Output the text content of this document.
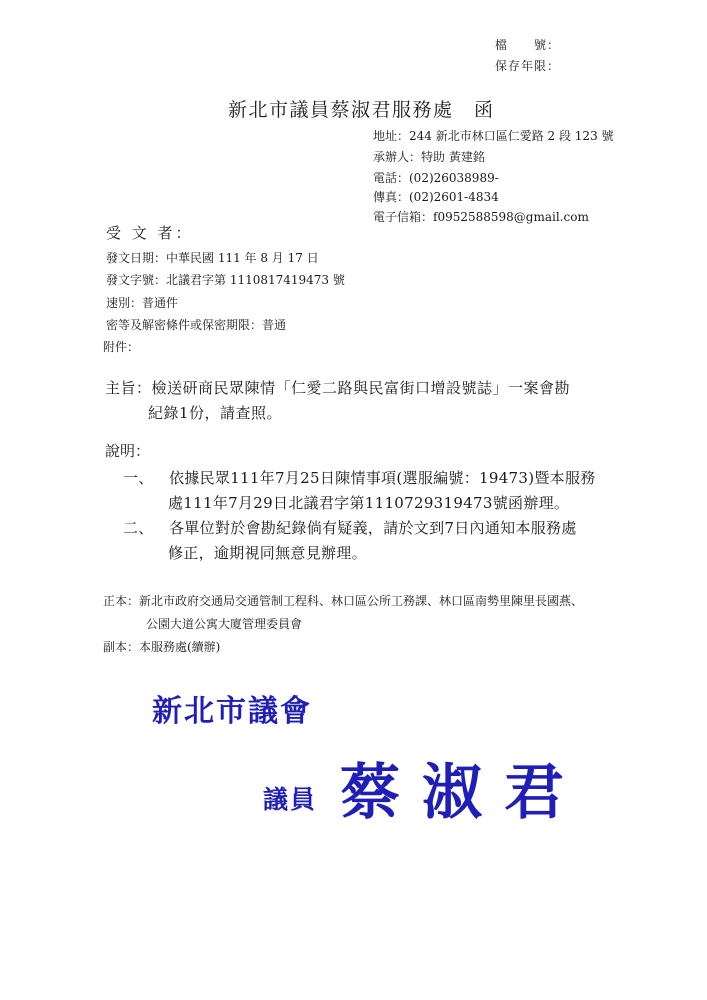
檔　　號：
保存年限：
新北市議員蔡淑君服務處　函
地址：244 新北市林口區仁愛路 2 段 123 號
承辦人：特助 黃建銘
電話：(02)26038989-
傳真：(02)2601-4834
電子信箱：f0952588598@gmail.com
受 文 者：
發文日期：中華民國 111 年 8 月 17 日
發文字號：北議君字第 1110817419473 號
速別：普通件
密等及解密條件或保密期限：普通
附件：
主旨：檢送研商民眾陳情「仁愛二路與民富街口增設號誌」一案會勘
紀錄1份，請查照。
說明：
一、 依據民眾111年7月25日陳情事項(選服編號：19473)暨本服務
處111年7月29日北議君字第1110729319473號函辦理。
二、 各單位對於會勘紀錄倘有疑義，請於文到7日內通知本服務處
修正，逾期視同無意見辦理。
正本：新北市政府交通局交通管制工程科、林口區公所工務課、林口區南勢里陳里長國燕、
公園大道公寓大廈管理委員會
副本：本服務處(續辦)
新北市議會
議員 蔡淑君
